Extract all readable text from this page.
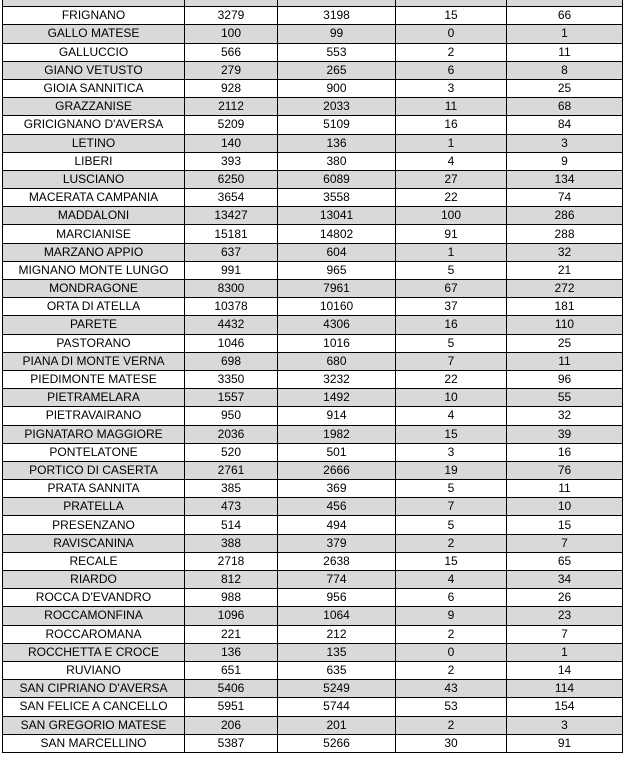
FRIGNANO	3279	3198	15	66
GALLO MATESE	100	99	0	1
GALLUCCIO	566	553	2	11
GIANO VETUSTO	279	265	6	8
GIOIA SANNITICA	928	900	3	25
GRAZZANISE	2112	2033	11	68
GRICIGNANO D'AVERSA	5209	5109	16	84
LETINO	140	136	1	3
LIBERI	393	380	4	9
LUSCIANO	6250	6089	27	134
MACERATA CAMPANIA	3654	3558	22	74
MADDALONI	13427	13041	100	286
MARCIANISE	15181	14802	91	288
MARZANO APPIO	637	604	1	32
MIGNANO MONTE LUNGO	991	965	5	21
MONDRAGONE	8300	7961	67	272
ORTA DI ATELLA	10378	10160	37	181
PARETE	4432	4306	16	110
PASTORANO	1046	1016	5	25
PIANA DI MONTE VERNA	698	680	7	11
PIEDIMONTE MATESE	3350	3232	22	96
PIETRAMELARA	1557	1492	10	55
PIETRAVAIRANO	950	914	4	32
PIGNATARO MAGGIORE	2036	1982	15	39
PONTELATONE	520	501	3	16
PORTICO DI CASERTA	2761	2666	19	76
PRATA SANNITA	385	369	5	11
PRATELLA	473	456	7	10
PRESENZANO	514	494	5	15
RAVISCANINA	388	379	2	7
RECALE	2718	2638	15	65
RIARDO	812	774	4	34
ROCCA D'EVANDRO	988	956	6	26
ROCCAMONFINA	1096	1064	9	23
ROCCAROMANA	221	212	2	7
ROCCHETTA E CROCE	136	135	0	1
RUVIANO	651	635	2	14
SAN CIPRIANO D'AVERSA	5406	5249	43	114
SAN FELICE A CANCELLO	5951	5744	53	154
SAN GREGORIO MATESE	206	201	2	3
SAN MARCELLINO	5387	5266	30	91
